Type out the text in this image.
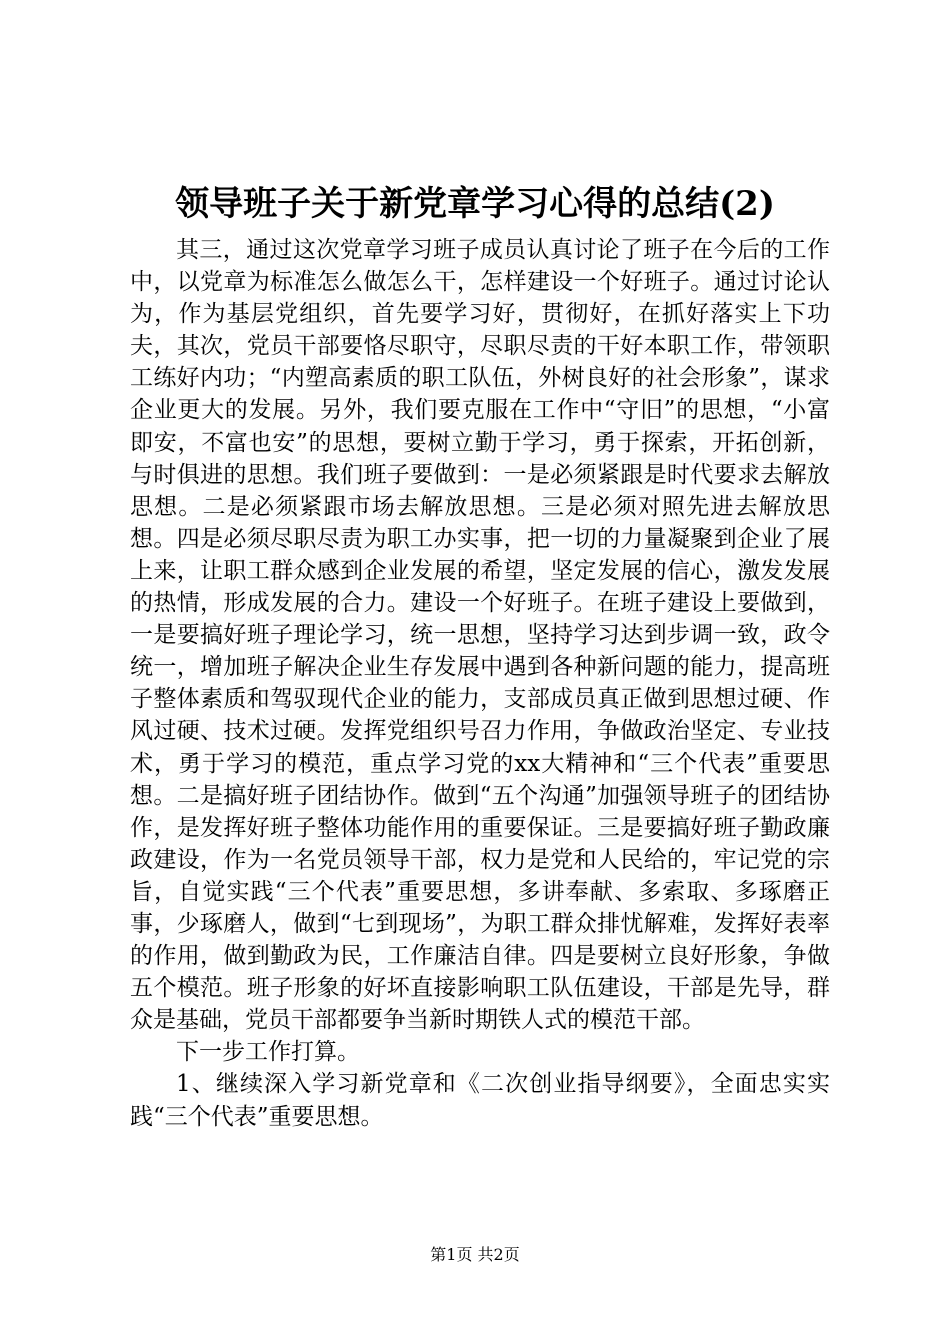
领导班子关于新党章学习心得的总结(2)

其三，通过这次党章学习班子成员认真讨论了班子在今后的工作中，以党章为标准怎么做怎么干，怎样建设一个好班子。通过讨论认为，作为基层党组织，首先要学习好，贯彻好，在抓好落实上下功夫，其次，党员干部要恪尽职守，尽职尽责的干好本职工作，带领职工练好内功；“内塑高素质的职工队伍，外树良好的社会形象”，谋求企业更大的发展。另外，我们要克服在工作中“守旧”的思想，“小富即安，不富也安”的思想，要树立勤于学习，勇于探索，开拓创新，与时俱进的思想。我们班子要做到：一是必须紧跟是时代要求去解放思想。二是必须紧跟市场去解放思想。三是必须对照先进去解放思想。四是必须尽职尽责为职工办实事，把一切的力量凝聚到企业了展上来，让职工群众感到企业发展的希望，坚定发展的信心，激发发展的热情，形成发展的合力。建设一个好班子。在班子建设上要做到，一是要搞好班子理论学习，统一思想，坚持学习达到步调一致，政令统一，增加班子解决企业生存发展中遇到各种新问题的能力，提高班子整体素质和驾驭现代企业的能力，支部成员真正做到思想过硬、作风过硬、技术过硬。发挥党组织号召力作用，争做政治坚定、专业技术，勇于学习的模范，重点学习党的xx大精神和“三个代表”重要思想。二是搞好班子团结协作。做到“五个沟通”加强领导班子的团结协作，是发挥好班子整体功能作用的重要保证。三是要搞好班子勤政廉政建设，作为一名党员领导干部，权力是党和人民给的，牢记党的宗旨，自觉实践“三个代表”重要思想，多讲奉献、多索取、多琢磨正事，少琢磨人，做到“七到现场”，为职工群众排忧解难，发挥好表率的作用，做到勤政为民，工作廉洁自律。四是要树立良好形象，争做五个模范。班子形象的好坏直接影响职工队伍建设，干部是先导，群众是基础，党员干部都要争当新时期铁人式的模范干部。

下一步工作打算。

1、继续深入学习新党章和《二次创业指导纲要》，全面忠实实践“三个代表”重要思想。

第1页 共2页
